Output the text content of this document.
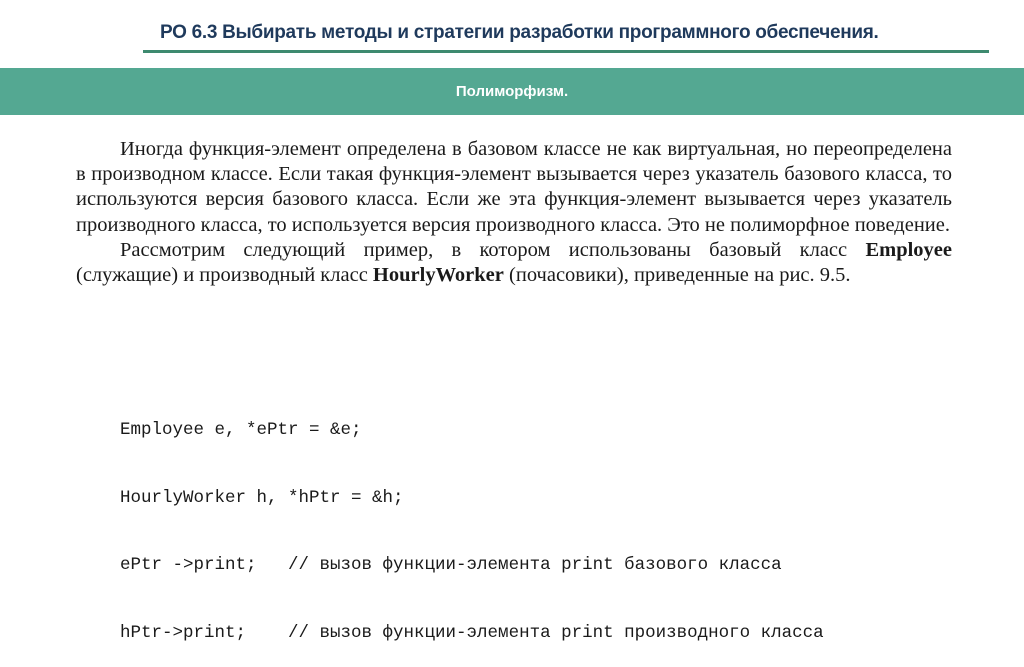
РО 6.3 Выбирать методы и стратегии разработки программного обеспечения.
Полиморфизм.

Иногда функция-элемент определена в базовом классе не как виртуальная, но переопределена в производном классе. Если такая функция-элемент вызывается через указатель базового класса, то используются версия базового класса. Если же эта функция-элемент вызывается через указатель производного класса, то используется версия производного класса. Это не полиморфное поведение.

Рассмотрим следующий пример, в котором использованы базовый класс Employee (служащие) и производный класс HourlyWorker (почасовики), приведенные на рис. 9.5.

Employee e, *ePtr = &e;

HourlyWorker h, *hPtr = &h;

ePtr ->print;   // вызов функции-элемента print базового класса

hPtr->print;    // вызов функции-элемента print производного класса
